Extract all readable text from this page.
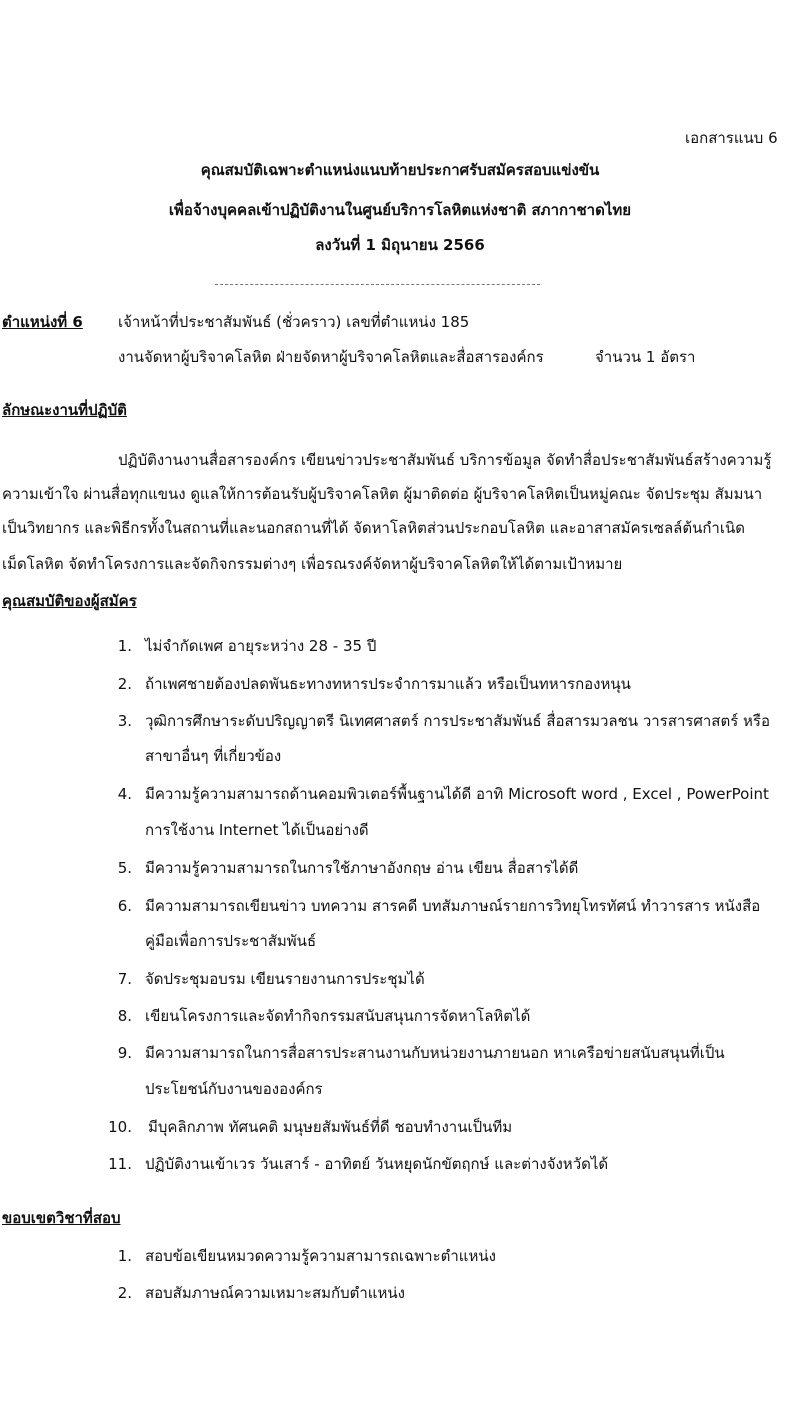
เอกสารแนบ 6
คุณสมบัติเฉพาะตำแหน่งแนบท้ายประกาศรับสมัครสอบแข่งขัน
เพื่อจ้างบุคคลเข้าปฏิบัติงานในศูนย์บริการโลหิตแห่งชาติ สภากาชาดไทย
ลงวันที่ 1 มิถุนายน 2566
ตำแหน่งที่ 6 เจ้าหน้าที่ประชาสัมพันธ์ (ชั่วคราว) เลขที่ตำแหน่ง 185
งานจัดหาผู้บริจาคโลหิต ฝ่ายจัดหาผู้บริจาคโลหิตและสื่อสารองค์กร	จำนวน 1 อัตรา
ลักษณะงานที่ปฏิบัติ
ปฏิบัติงานงานสื่อสารองค์กร เขียนข่าวประชาสัมพันธ์ บริการข้อมูล จัดทำสื่อประชาสัมพันธ์สร้างความรู้
ความเข้าใจ ผ่านสื่อทุกแขนง ดูแลให้การต้อนรับผู้บริจาคโลหิต ผู้มาติดต่อ ผู้บริจาคโลหิตเป็นหมู่คณะ จัดประชุม สัมมนา
เป็นวิทยากร และพิธีกรทั้งในสถานที่และนอกสถานที่ได้ จัดหาโลหิตส่วนประกอบโลหิต และอาสาสมัครเซลล์ต้นกำเนิด
เม็ดโลหิต จัดทำโครงการและจัดกิจกรรมต่างๆ เพื่อรณรงค์จัดหาผู้บริจาคโลหิตให้ได้ตามเป้าหมาย
คุณสมบัติของผู้สมัคร
1. ไม่จำกัดเพศ อายุระหว่าง 28 - 35 ปี
2. ถ้าเพศชายต้องปลดพันธะทางทหารประจำการมาแล้ว หรือเป็นทหารกองหนุน
3. วุฒิการศึกษาระดับปริญญาตรี นิเทศศาสตร์ การประชาสัมพันธ์ สื่อสารมวลชน วารสารศาสตร์ หรือ
สาขาอื่นๆ ที่เกี่ยวข้อง
4. มีความรู้ความสามารถด้านคอมพิวเตอร์พื้นฐานได้ดี อาทิ Microsoft word , Excel , PowerPoint
การใช้งาน Internet ได้เป็นอย่างดี
5. มีความรู้ความสามารถในการใช้ภาษาอังกฤษ อ่าน เขียน สื่อสารได้ดี
6. มีความสามารถเขียนข่าว บทความ สารคดี บทสัมภาษณ์รายการวิทยุโทรทัศน์ ทำวารสาร หนังสือ
คู่มือเพื่อการประชาสัมพันธ์
7. จัดประชุมอบรม เขียนรายงานการประชุมได้
8. เขียนโครงการและจัดทำกิจกรรมสนับสนุนการจัดหาโลหิตได้
9. มีความสามารถในการสื่อสารประสานงานกับหน่วยงานภายนอก หาเครือข่ายสนับสนุนที่เป็น
ประโยชน์กับงานขององค์กร
10. มีบุคลิกภาพ ทัศนคติ มนุษยสัมพันธ์ที่ดี ชอบทำงานเป็นทีม
11. ปฏิบัติงานเข้าเวร วันเสาร์ - อาทิตย์ วันหยุดนักขัตฤกษ์ และต่างจังหวัดได้
ขอบเขตวิชาที่สอบ
1. สอบข้อเขียนหมวดความรู้ความสามารถเฉพาะตำแหน่ง
2. สอบสัมภาษณ์ความเหมาะสมกับตำแหน่ง
